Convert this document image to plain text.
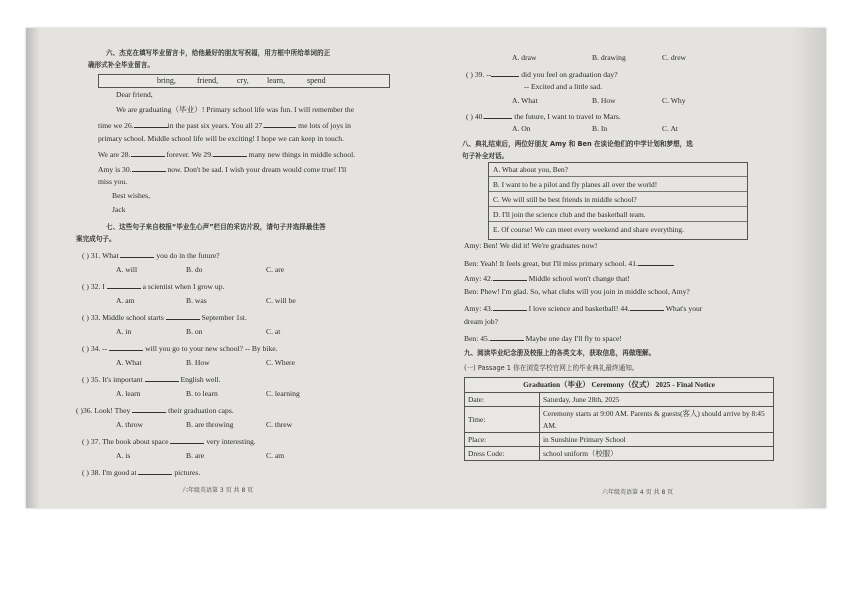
六、杰克在填写毕业留言卡，给他最好的朋友写祝福，用方框中所给单词的正
确形式补全毕业留言。
bring,	friend, cry, learn,	spend
Dear friend,
We are graduating（毕业）! Primary school life was fun. I will remember the
time we 26.	in the past six years. You all 27.	me lots of joys in
primary school. Middle school life will be exciting! I hope we can keep in touch.
We are 28.	forever. We 29.	many new things in middle school.
Amy is 30.	now. Don't be sad. I wish your dream would come true! I'll
miss you.
Best wishes,
Jack
七、这些句子来自校报“毕业生心声”栏目的采访片段，请句子并选择最佳答
案完成句子。
( ) 31. What	you do in the future?
A. will	B. do	C. are
( ) 32. I	a scientist when I grow up.
A. am	B. was	C. will be
( ) 33. Middle school starts	September 1st.
A. in	B. on	C. at
( ) 34. --	will you go to your new school? -- By bike.
A. What	B. How	C. Where
( ) 35. It's important	English well.
A. learn	B. to learn	C. learning
( )36. Look! They	their graduation caps.
A. throw	B. are throwing	C. threw
( ) 37. The book about space	very interesting.
A. is	B. are	C. am
( ) 38. I'm good at	pictures.
六年级英语第 3 页 共 8 页
A. draw	B. drawing	C. drew
( ) 39. --	did you feel on graduation day?
-- Excited and a little sad.
A. What	B. How	C. Why
( ) 40.	the future, I want to travel to Mars.
A. On	B. In	C. At
八、典礼结束后，两位好朋友 Amy 和 Ben 在谈论他们的中学计划和梦想，选
句子补全对话。
A. What about you, Ben?
B. I want to be a pilot and fly planes all over the world!
C. We will still be best friends in middle school?
D. I'll join the science club and the basketball team.
E. Of course! We can meet every weekend and share everything.
Amy: Ben! We did it! We're graduates now!
Ben: Yeah! It feels great, but I'll miss primary school. 41.
Amy: 42.	Middle school won't change that!
Ben: Phew! I'm glad. So, what clubs will you join in middle school, Amy?
Amy: 43.	I love science and basketball! 44.	What's your
dream job?
Ben: 45.	Maybe one day I'll fly to space!
九、阅读毕业纪念册及校报上的各类文本，获取信息，再做理解。
(一) Passage 1 你在浏览学校官网上的毕业典礼最终通知。
Graduation（毕业） Ceremony（仪式） 2025 - Final Notice	
Date:	Saturday, June 28th, 2025
Time:	Ceremony starts at 9:00 AM. Parents & guests(客人) should arrive by 8:45 AM.
Place:	in Sunshine Primary School
Dress Code:	school uniform（校服）
六年级英语第 4 页 共 8 页
